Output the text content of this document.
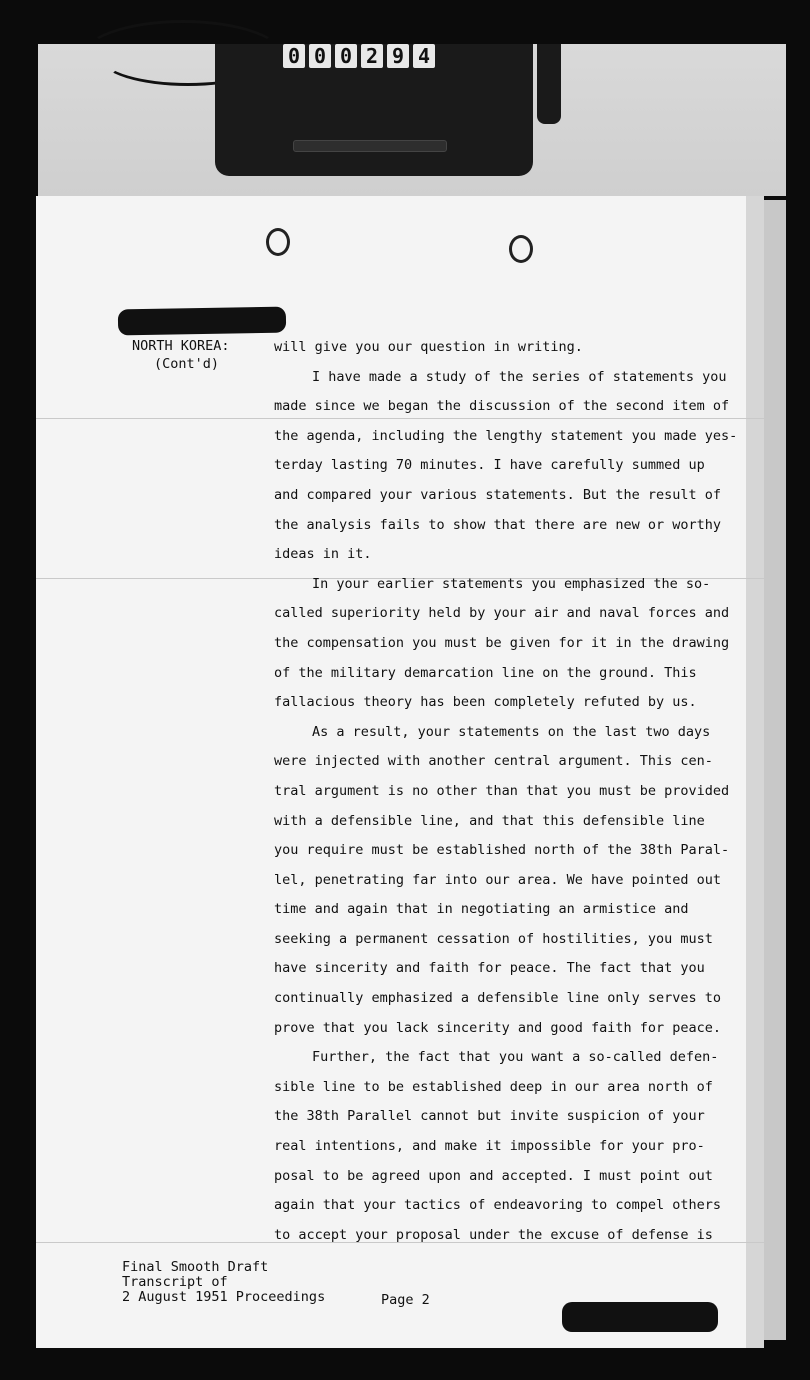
0 0 0 2 9 4
NORTH KOREA:
(Cont'd)
will give you our question in writing.
I have made a study of the series of statements you
made since we began the discussion of the second item of
the agenda, including the lengthy statement you made yes-
terday lasting 70 minutes. I have carefully summed up
and compared your various statements. But the result of
the analysis fails to show that there are new or worthy
ideas in it.
In your earlier statements you emphasized the so-
called superiority held by your air and naval forces and
the compensation you must be given for it in the drawing
of the military demarcation line on the ground. This
fallacious theory has been completely refuted by us.
As a result, your statements on the last two days
were injected with another central argument. This cen-
tral argument is no other than that you must be provided
with a defensible line, and that this defensible line
you require must be established north of the 38th Paral-
lel, penetrating far into our area. We have pointed out
time and again that in negotiating an armistice and
seeking a permanent cessation of hostilities, you must
have sincerity and faith for peace. The fact that you
continually emphasized a defensible line only serves to
prove that you lack sincerity and good faith for peace.
Further, the fact that you want a so-called defen-
sible line to be established deep in our area north of
the 38th Parallel cannot but invite suspicion of your
real intentions, and make it impossible for your pro-
posal to be agreed upon and accepted. I must point out
again that your tactics of endeavoring to compel others
to accept your proposal under the excuse of defense is
Final Smooth Draft
Transcript of
2 August 1951 Proceedings	Page 2
